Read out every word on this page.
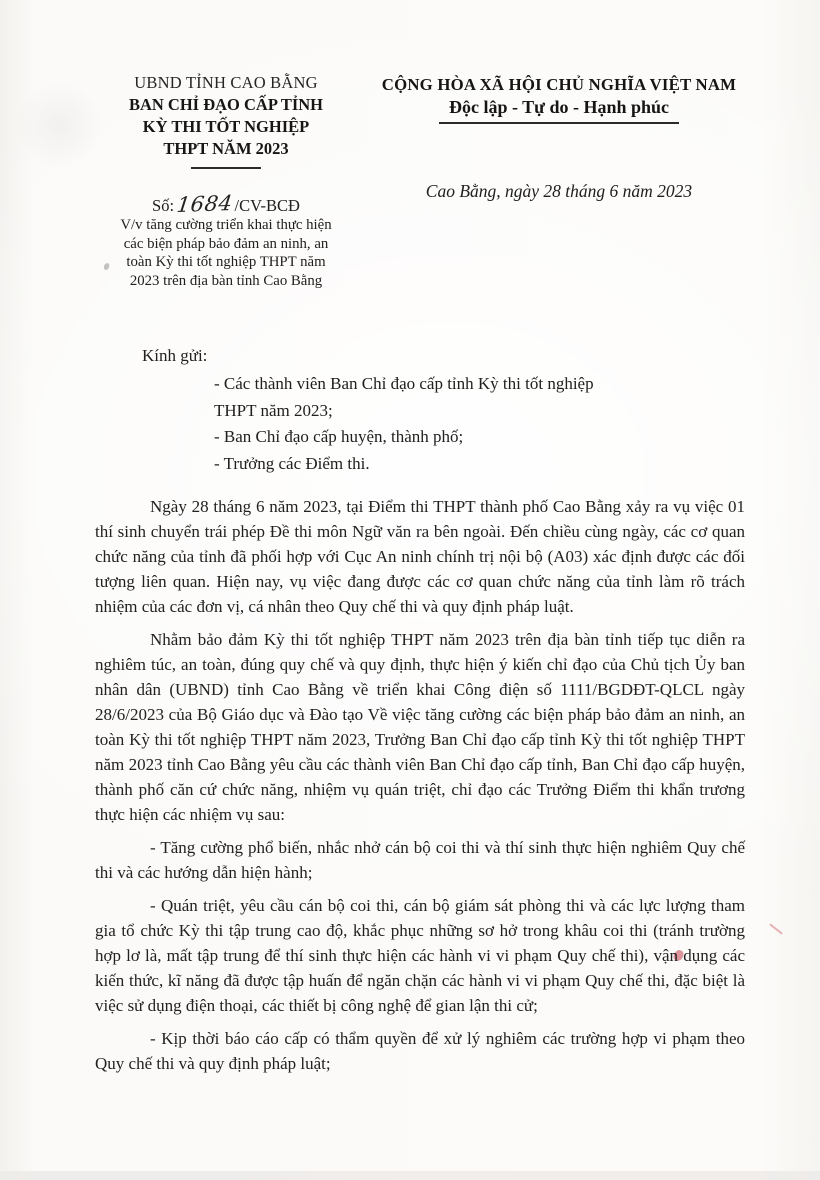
UBND TỈNH CAO BẰNG
BAN CHỈ ĐẠO CẤP TỈNH
KỲ THI TỐT NGHIỆP
THPT NĂM 2023
Số:1684/CV-BCĐ
V/v tăng cường triển khai thực hiện
các biện pháp bảo đảm an ninh, an
toàn Kỳ thi tốt nghiệp THPT năm
2023 trên địa bàn tỉnh Cao Bằng
CỘNG HÒA XÃ HỘI CHỦ NGHĨA VIỆT NAM
Độc lập - Tự do - Hạnh phúc
Cao Bằng, ngày 28 tháng 6 năm 2023
Kính gửi:
- Các thành viên Ban Chỉ đạo cấp tỉnh Kỳ thi tốt nghiệp
THPT năm 2023;
- Ban Chỉ đạo cấp huyện, thành phố;
- Trưởng các Điểm thi.

Ngày 28 tháng 6 năm 2023, tại Điểm thi THPT thành phố Cao Bằng xảy ra vụ việc 01 thí sinh chuyển trái phép Đề thi môn Ngữ văn ra bên ngoài. Đến chiều cùng ngày, các cơ quan chức năng của tỉnh đã phối hợp với Cục An ninh chính trị nội bộ (A03) xác định được các đối tượng liên quan. Hiện nay, vụ việc đang được các cơ quan chức năng của tỉnh làm rõ trách nhiệm của các đơn vị, cá nhân theo Quy chế thi và quy định pháp luật.

Nhằm bảo đảm Kỳ thi tốt nghiệp THPT năm 2023 trên địa bàn tỉnh tiếp tục diễn ra nghiêm túc, an toàn, đúng quy chế và quy định, thực hiện ý kiến chỉ đạo của Chủ tịch Ủy ban nhân dân (UBND) tỉnh Cao Bằng về triển khai Công điện số 1111/BGDĐT-QLCL ngày 28/6/2023 của Bộ Giáo dục và Đào tạo Về việc tăng cường các biện pháp bảo đảm an ninh, an toàn Kỳ thi tốt nghiệp THPT năm 2023, Trưởng Ban Chỉ đạo cấp tỉnh Kỳ thi tốt nghiệp THPT năm 2023 tỉnh Cao Bằng yêu cầu các thành viên Ban Chỉ đạo cấp tỉnh, Ban Chỉ đạo cấp huyện, thành phố căn cứ chức năng, nhiệm vụ quán triệt, chỉ đạo các Trưởng Điểm thi khẩn trương thực hiện các nhiệm vụ sau:

- Tăng cường phổ biến, nhắc nhở cán bộ coi thi và thí sinh thực hiện nghiêm Quy chế thi và các hướng dẫn hiện hành;

- Quán triệt, yêu cầu cán bộ coi thi, cán bộ giám sát phòng thi và các lực lượng tham gia tổ chức Kỳ thi tập trung cao độ, khắc phục những sơ hở trong khâu coi thi (tránh trường hợp lơ là, mất tập trung để thí sinh thực hiện các hành vi vi phạm Quy chế thi), vận dụng các kiến thức, kĩ năng đã được tập huấn để ngăn chặn các hành vi vi phạm Quy chế thi, đặc biệt là việc sử dụng điện thoại, các thiết bị công nghệ để gian lận thi cử;

- Kịp thời báo cáo cấp có thẩm quyền để xử lý nghiêm các trường hợp vi phạm theo Quy chế thi và quy định pháp luật;
